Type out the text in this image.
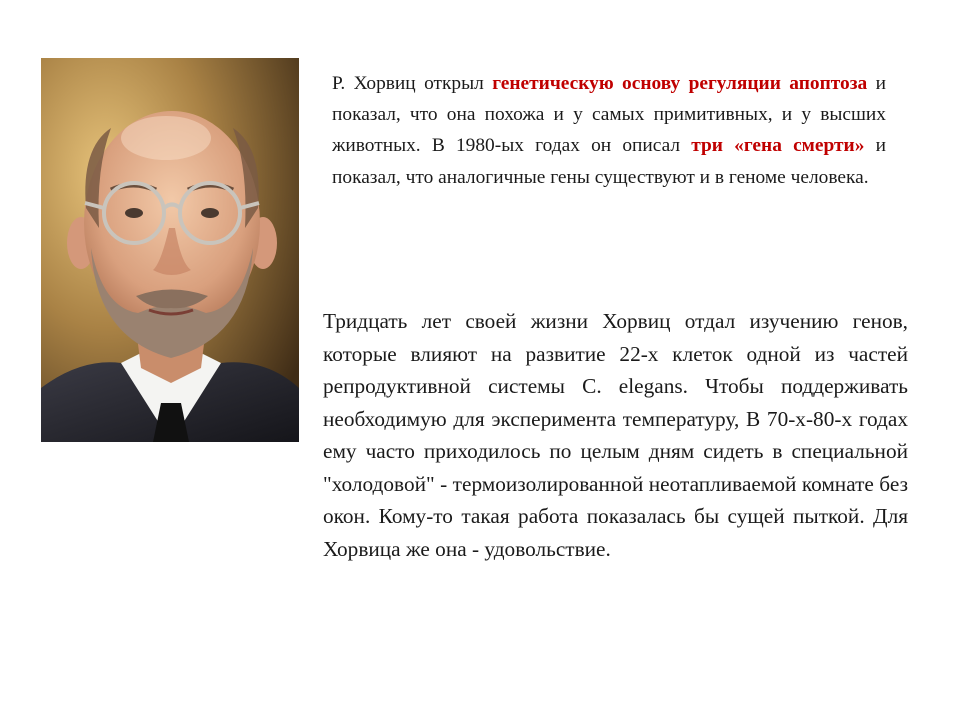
Р. Хорвиц открыл генетическую основу регуляции апоптоза и показал, что она похожа и у самых примитивных, и у высших животных. В 1980-ых годах он описал три «гена смерти» и показал, что аналогичные гены существуют и в геноме человека.

Тридцать лет своей жизни Хорвиц отдал изучению генов, которые влияют на развитие 22-х клеток одной из частей репродуктивной системы C. elegans. Чтобы поддерживать необходимую для эксперимента температуру, В 70-х-80-х годах ему часто приходилось по целым дням сидеть в специальной "холодовой" - термоизолированной неотапливаемой комнате без окон. Кому-то такая работа показалась бы сущей пыткой. Для Хорвица же она - удовольствие.
